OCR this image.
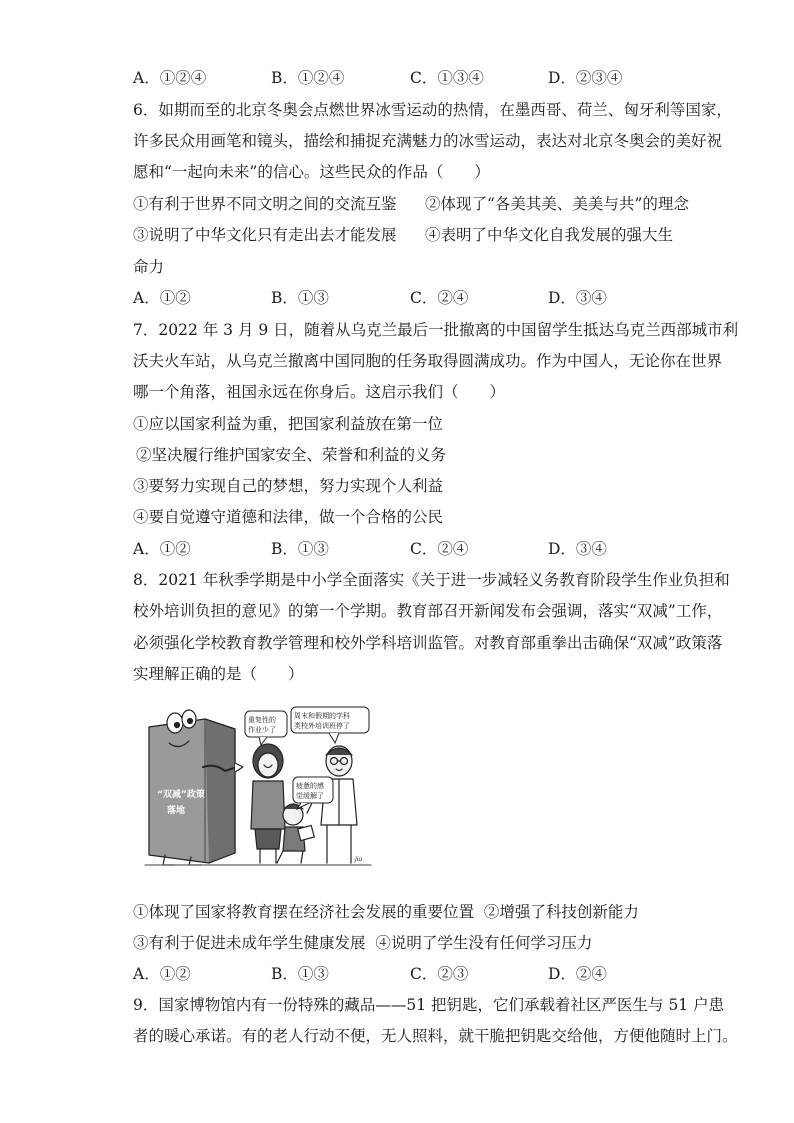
A．①②④	B．①②④	C．①③④	D．②③④
6．如期而至的北京冬奥会点燃世界冰雪运动的热情，在墨西哥、荷兰、匈牙利等国家，
许多民众用画笔和镜头，描绘和捕捉充满魅力的冰雪运动，表达对北京冬奥会的美好祝
愿和“一起向未来”的信心。这些民众的作品（　　）
①有利于世界不同文明之间的交流互鉴 ②体现了“各美其美、美美与共”的理念
③说明了中华文化只有走出去才能发展 ④表明了中华文化自我发展的强大生
命力
A．①②	B．①③	C．②④	D．③④
7．2022 年 3 月 9 日，随着从乌克兰最后一批撤离的中国留学生抵达乌克兰西部城市利
沃夫火车站，从乌克兰撤离中国同胞的任务取得圆满成功。作为中国人，无论你在世界
哪一个角落，祖国永远在你身后。这启示我们（　　）
①应以国家利益为重，把国家利益放在第一位
②坚决履行维护国家安全、荣誉和利益的义务
③要努力实现自己的梦想，努力实现个人利益
④要自觉遵守道德和法律，做一个合格的公民
A．①②	B．①③	C．②④	D．③④
8．2021 年秋季学期是中小学全面落实《关于进一步减轻义务教育阶段学生作业负担和
校外培训负担的意见》的第一个学期。教育部召开新闻发布会强调，落实“双减”工作，
必须强化学校教育教学管理和校外学科培训监管。对教育部重拳出击确保“双减”政策落
实理解正确的是（　　）
重复性的
作业少了
周末和假期的学科
类校外培训班停了
疲惫的感
觉缓解了
“双减”政策
落地
Jiu
①体现了国家将教育摆在经济社会发展的重要位置 ②增强了科技创新能力
③有利于促进未成年学生健康发展 ④说明了学生没有任何学习压力
A．①②	B．①③	C．②③	D．②④
9．国家博物馆内有一份特殊的藏品——51 把钥匙，它们承载着社区严医生与 51 户患
者的暖心承诺。有的老人行动不便，无人照料，就干脆把钥匙交给他，方便他随时上门。
